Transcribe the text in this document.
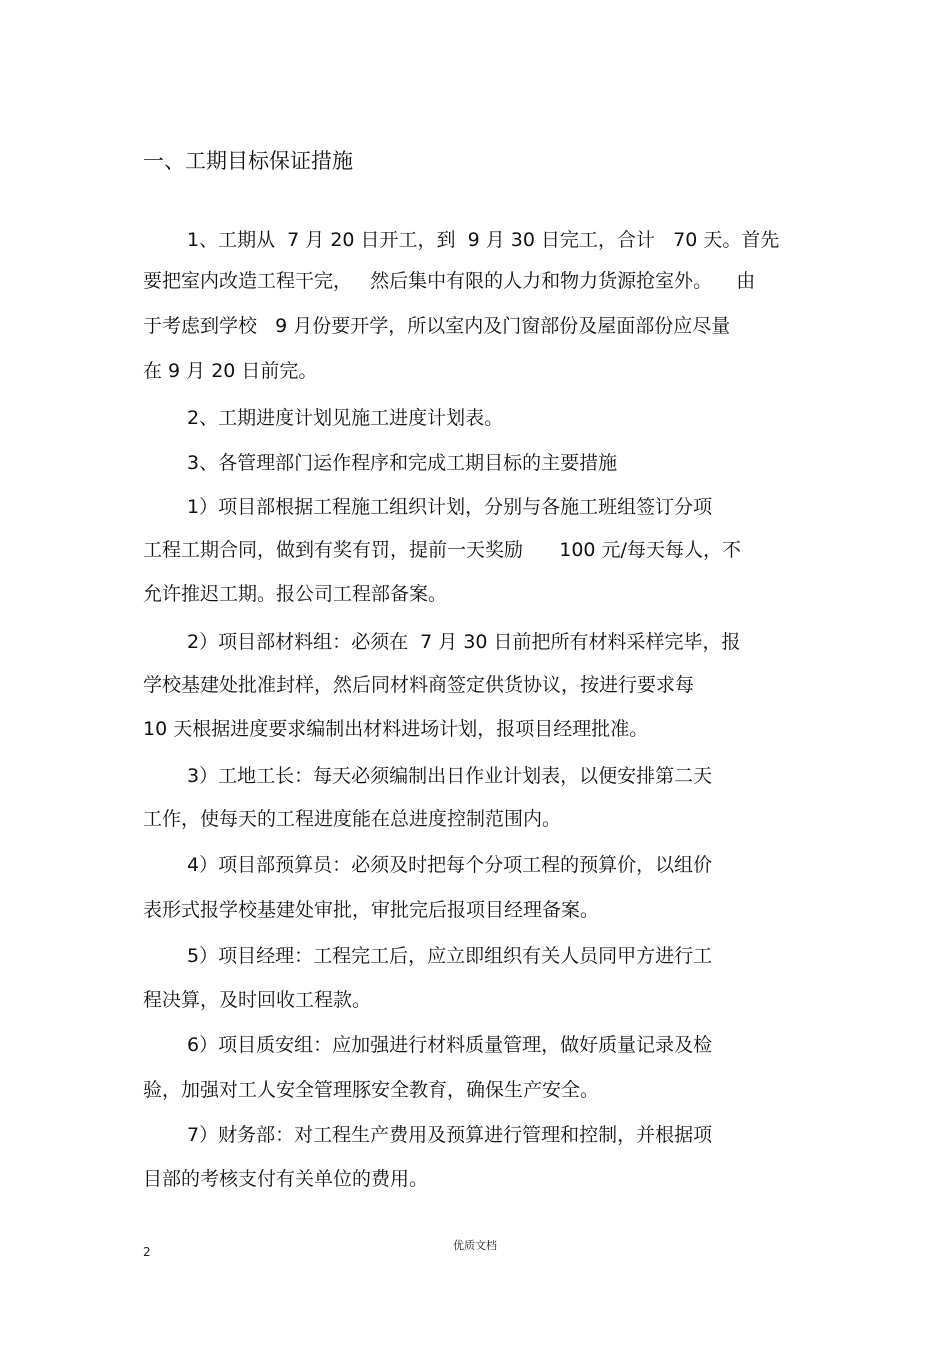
一、工期目标保证措施
1、工期从  7 月 20 日开工，到  9 月 30 日完工，合计   70 天。首先
要把室内改造工程干完，   然后集中有限的人力和物力货源抢室外。    由
于考虑到学校   9 月份要开学，所以室内及门窗部份及屋面部份应尽量
在 9 月 20 日前完。
2、工期进度计划见施工进度计划表。
3、各管理部门运作程序和完成工期目标的主要措施
1）项目部根据工程施工组织计划，分别与各施工班组签订分项
工程工期合同，做到有奖有罚，提前一天奖励      100 元/每天每人，不
允许推迟工期。报公司工程部备案。
2）项目部材料组：必须在  7 月 30 日前把所有材料采样完毕，报
学校基建处批准封样，然后同材料商签定供货协议，按进行要求每
10 天根据进度要求编制出材料进场计划，报项目经理批准。
3）工地工长：每天必须编制出日作业计划表，以便安排第二天
工作，使每天的工程进度能在总进度控制范围内。
4）项目部预算员：必须及时把每个分项工程的预算价，以组价
表形式报学校基建处审批，审批完后报项目经理备案。
5）项目经理：工程完工后，应立即组织有关人员同甲方进行工
程决算，及时回收工程款。
6）项目质安组：应加强进行材料质量管理，做好质量记录及检
验，加强对工人安全管理豚安全教育，确保生产安全。
7）财务部：对工程生产费用及预算进行管理和控制，并根据项
目部的考核支付有关单位的费用。
优质文档
2
